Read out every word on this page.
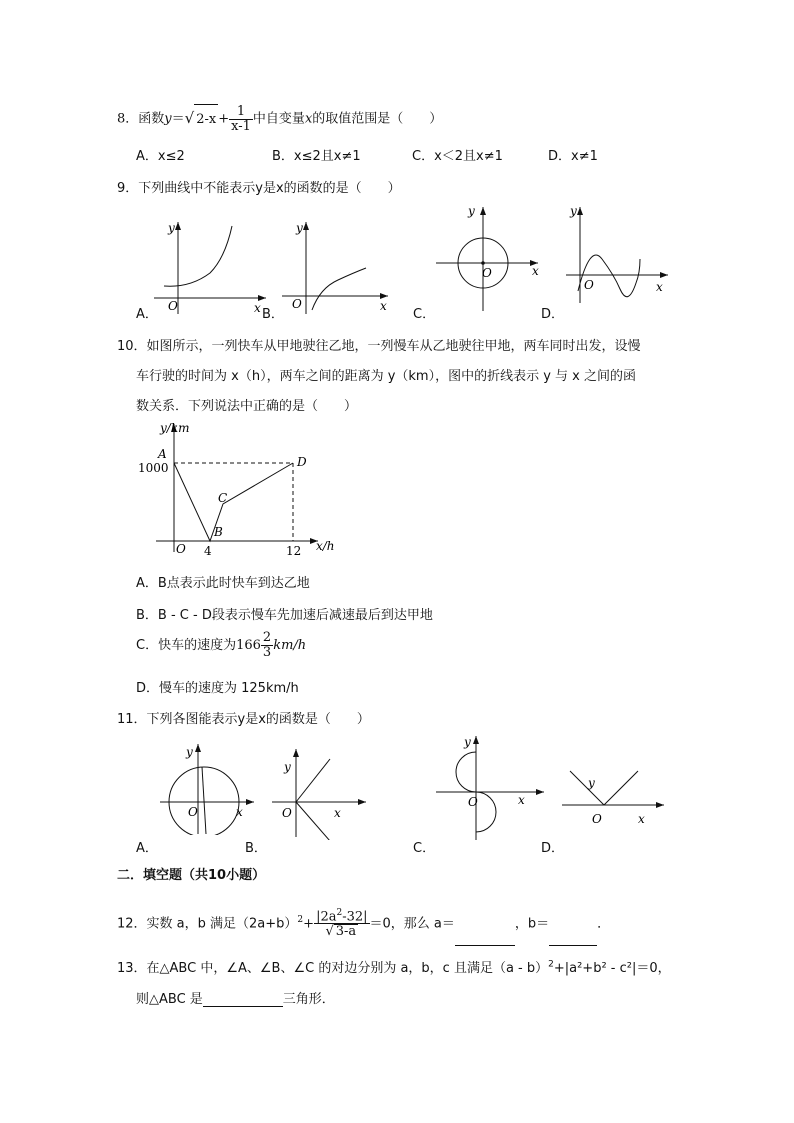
8．函数y＝√ $2-x + \frac{1}{x-1}$ 中自变量x的取值范围是（　　）
A．x≤2	B．x≤2且x≠1	C．x＜2且x≠1	D．x≠1
9．下列曲线中不能表示y是x的函数的是（　　）
O	x
y
A．
O	x
y
B．
O	x
y
C．
O	x
y
D．
10．如图所示，一列快车从甲地驶往乙地，一列慢车从乙地驶往甲地，两车同时出发，设慢
车行驶的时间为 x（h），两车之间的距离为 y（km），图中的折线表示 y 与 x 之间的函
数关系．下列说法中正确的是（　　）
y/km
x/h
1000
4	12
O
A
B
C
D
A．B点表示此时快车到达乙地
B．B - C - D段表示慢车先加速后减速最后到达甲地
C．快车的速度为$166 \frac{2}{3} km/h$
D．慢车的速度为 125km/h
11．下列各图能表示y是x的函数是（　　）
O	x
y
A．
O	x
y
B．
O	x
y
C．
O	x
y
D．
二．填空题（共10小题）
12．实数 a，b 满足$(2a+b)^2+ \frac{|2a^2-32|}{√ 3-a} =0$，那么 a＝	，b＝	．
13．在△ABC 中，∠A、∠B、∠C 的对边分别为 a，b，c 且满足（a - b）$^2$+|a²+b² - c²|＝0，
则△ABC 是	三角形．
